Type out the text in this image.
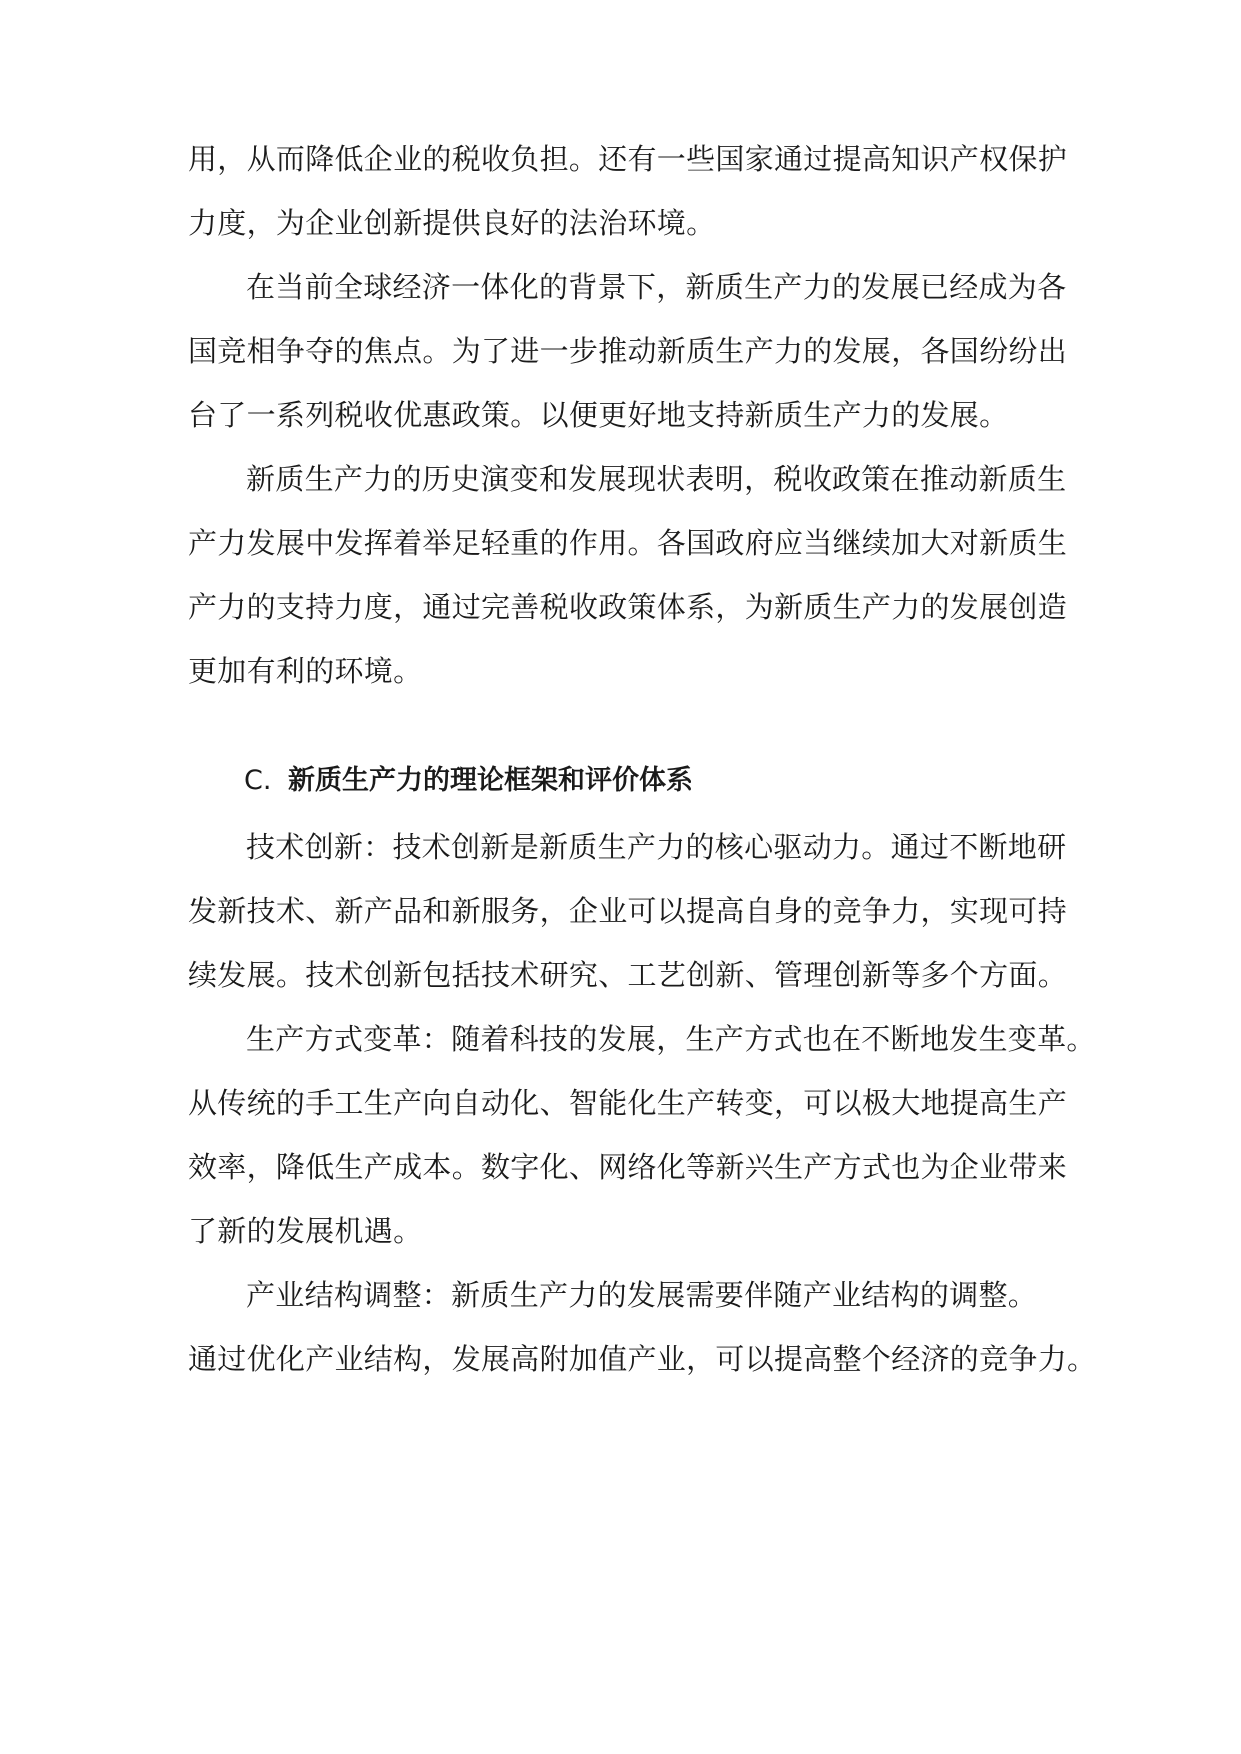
用，从而降低企业的税收负担。还有一些国家通过提高知识产权保护
力度，为企业创新提供良好的法治环境。
在当前全球经济一体化的背景下，新质生产力的发展已经成为各
国竞相争夺的焦点。为了进一步推动新质生产力的发展，各国纷纷出
台了一系列税收优惠政策。以便更好地支持新质生产力的发展。
新质生产力的历史演变和发展现状表明，税收政策在推动新质生
产力发展中发挥着举足轻重的作用。各国政府应当继续加大对新质生
产力的支持力度，通过完善税收政策体系，为新质生产力的发展创造
更加有利的环境。
C. 新质生产力的理论框架和评价体系
技术创新：技术创新是新质生产力的核心驱动力。通过不断地研
发新技术、新产品和新服务，企业可以提高自身的竞争力，实现可持
续发展。技术创新包括技术研究、工艺创新、管理创新等多个方面。
生产方式变革：随着科技的发展，生产方式也在不断地发生变革。
从传统的手工生产向自动化、智能化生产转变，可以极大地提高生产
效率，降低生产成本。数字化、网络化等新兴生产方式也为企业带来
了新的发展机遇。
产业结构调整：新质生产力的发展需要伴随产业结构的调整。
通过优化产业结构，发展高附加值产业，可以提高整个经济的竞争力。
